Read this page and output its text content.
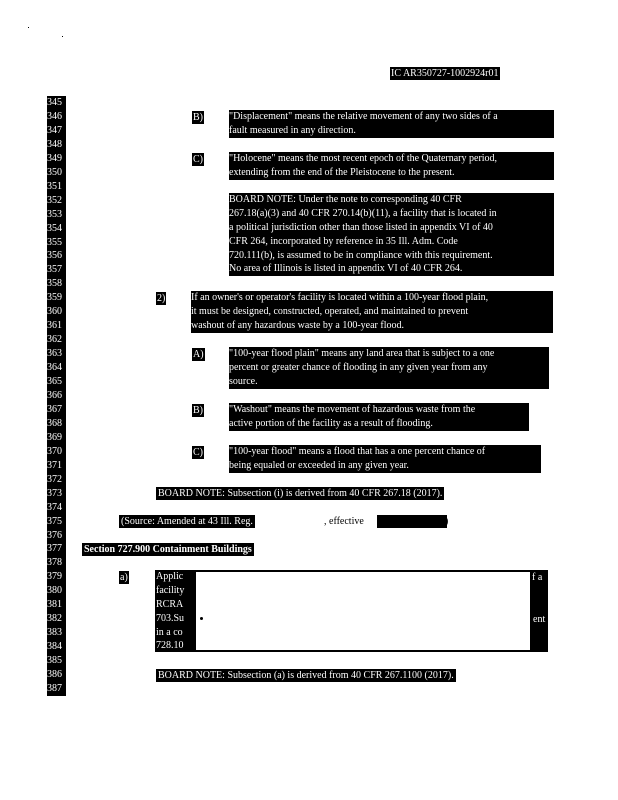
IC AR350727-1002924r01
345
346
347
348
349
350
351
352
353
354
355
356
357
358
359
360
361
362
363
364
365
366
367
368
369
370
371
372
373
374
375
376
377
378
379
380
381
382
383
384
385
386
387
B)	"Displacement" means the relative movement of any two sides of a
fault measured in any direction.
C)	"Holocene" means the most recent epoch of the Quaternary period,
extending from the end of the Pleistocene to the present.
BOARD NOTE: Under the note to corresponding 40 CFR
267.18(a)(3) and 40 CFR 270.14(b)(11), a facility that is located in
a political jurisdiction other than those listed in appendix VI of 40
CFR 264, incorporated by reference in 35 Ill. Adm. Code
720.111(b), is assumed to be in compliance with this requirement.
No area of Illinois is listed in appendix VI of 40 CFR 264.
2)	If an owner's or operator's facility is located within a 100-year flood plain,
it must be designed, constructed, operated, and maintained to prevent
washout of any hazardous waste by a 100-year flood.
A)	"100-year flood plain" means any land area that is subject to a one
percent or greater chance of flooding in any given year from any
source.
B)	"Washout" means the movement of hazardous waste from the
active portion of the facility as a result of flooding.
C)	"100-year flood" means a flood that has a one percent chance of
being equaled or exceeded in any given year.
BOARD NOTE: Subsection (i) is derived from 40 CFR 267.18 (2017).
(Source: Amended at 43 Ill. Reg.	, effective	)
Section 727.900 Containment Buildings
a)	Applic
facility
RCRA
703.Su
in a co
728.10
f a
ent
BOARD NOTE: Subsection (a) is derived from 40 CFR 267.1100 (2017).
